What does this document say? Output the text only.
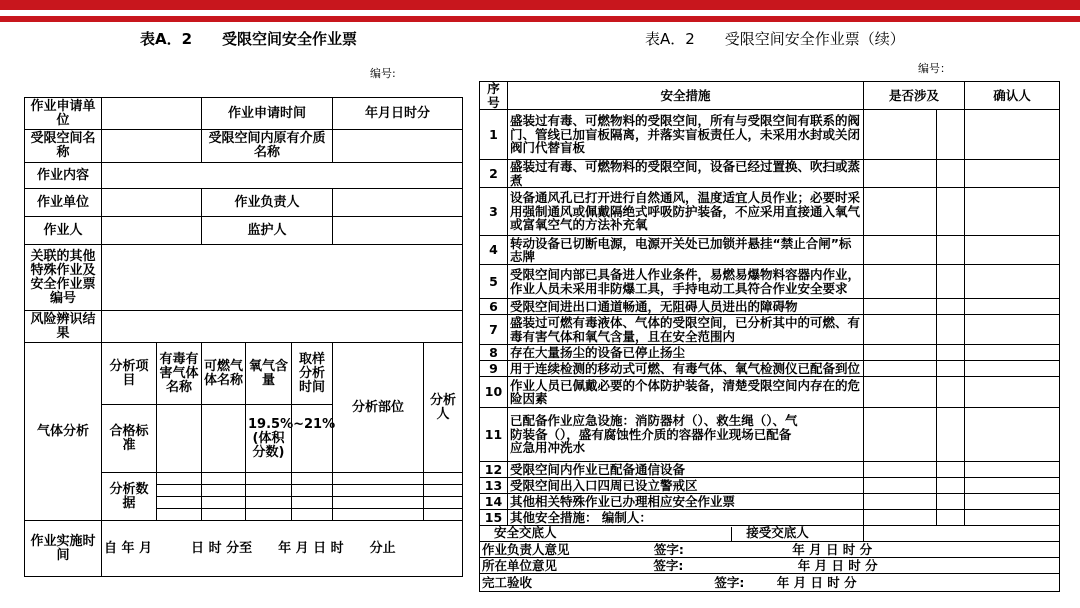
表A．2　　受限空间安全作业票
编号:
表A．2　　受限空间安全作业票（续）
编号：
作业申请单位			作业申请时间			年月日时分	
受限空间名称			受限空间内原有介质名称				
作业内容							
作业单位			作业负责人				
作业人			监护人				
关联的其他特殊作业及安全作业票编号							
风险辨识结果							
气体分析	分析项目	有毒有害气体名称	可燃气体名称	氧气含量	取样分析时间	分析部位	分析人
	合格标准			19.5%~21%(体积分数)			
	分析数据						

作业实施时间	自 年 月　　　日 时 分至　　年 月 日 时　　分止						
序号	安全措施	是否涉及		确认人
1	盛装过有毒、可燃物料的受限空间，所有与受限空间有联系的阀门、管线已加盲板隔离，并落实盲板责任人，未采用水封或关闭阀门代替盲板			
2	盛装过有毒、可燃物料的受限空间，设备已经过置换、吹扫或蒸煮			
3	设备通风孔已打开进行自然通风，温度适宜人员作业；必要时采用强制通风或佩戴隔绝式呼吸防护装备，不应采用直接通入氧气或富氧空气的方法补充氧			
4	转动设备已切断电源，电源开关处已加锁并悬挂“禁止合闸”标志牌			
5	受限空间内部已具备进人作业条件，易燃易爆物料容器内作业，作业人员未采用非防爆工具，手持电动工具符合作业安全要求			
6	受限空间进出口通道畅通，无阻碍人员进出的障碍物			
7	盛装过可燃有毒液体、气体的受限空间，已分析其中的可燃、有毒有害气体和氧气含量，且在安全范围内			
8	存在大量扬尘的设备已停止扬尘			
9	用于连续检测的移动式可燃、有毒气体、氧气检测仪已配备到位			
10	作业人员已佩戴必要的个体防护装备，清楚受限空间内存在的危险因素			
11	已配备作业应急设施：消防器材（）、救生绳（）、气防装备（），盛有腐蚀性介质的容器作业现场已配备应急用冲洗水			
12	受限空间内作业已配备通信设备			
13	受限空间出入口四周已设立警戒区			
14	其他相关特殊作业已办理相应安全作业票			
15	其他安全措施： 编制人：			
安全交底人 接受交底人				
作业负责人意见 签字: 年 月 日 时 分				
所在单位意见 签字: 年 月 日 时 分				
完工验收 签字: 年 月 日 时 分				
